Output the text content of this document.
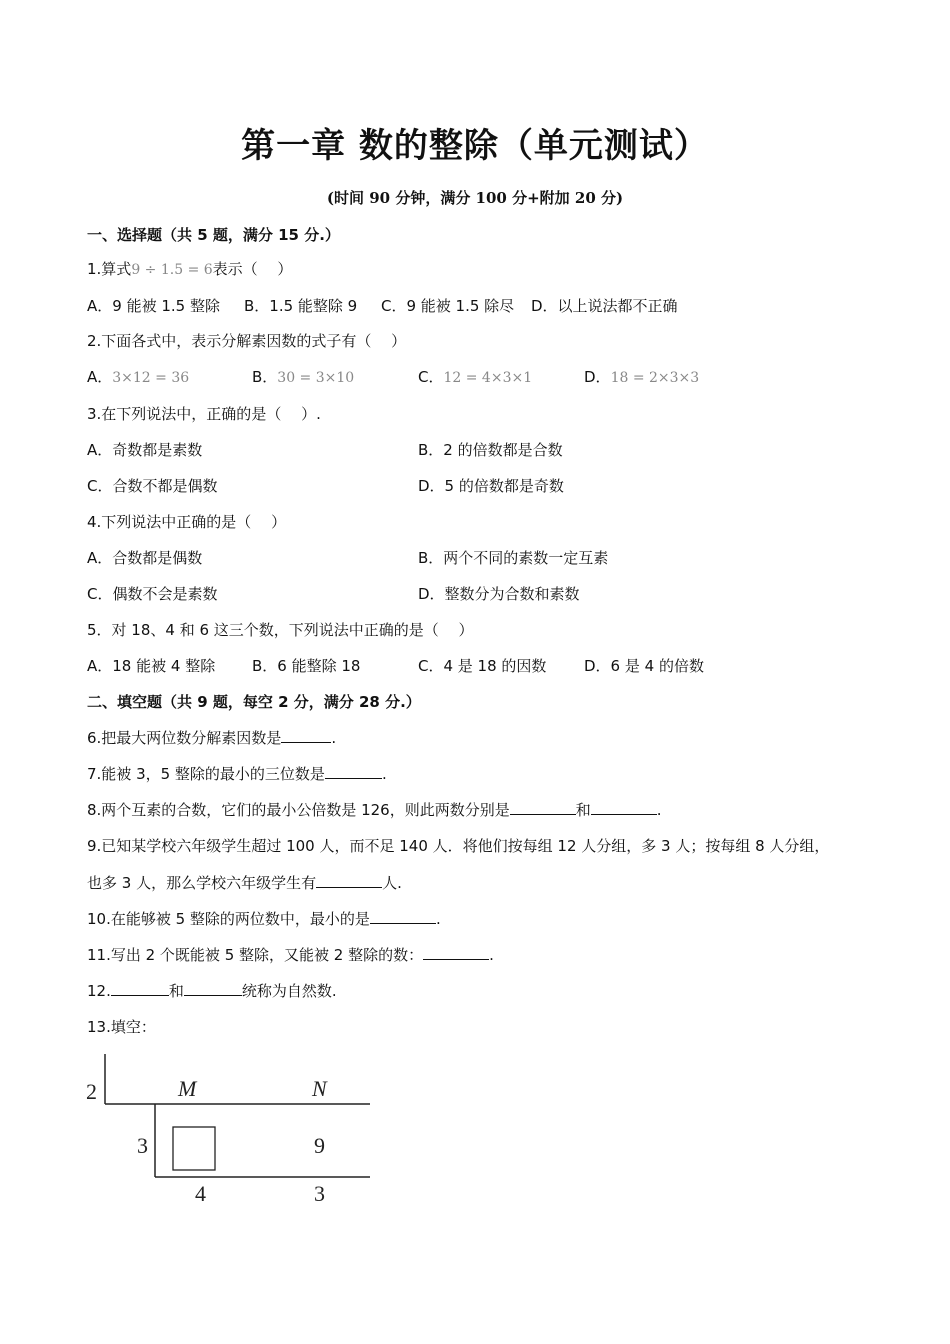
第一章 数的整除（单元测试）
(时间 90 分钟，满分 100 分+附加 20 分)
一、选择题（共 5 题，满分 15 分.）
1.算式9 ÷ 1.5 = 6表示（　 ）
A．9 能被 1.5 整除 B．1.5 能整除 9 C．9 能被 1.5 除尽 D．以上说法都不正确
2.下面各式中，表示分解素因数的式子有（　 ）
A．3×12 = 36	B．30 = 3×10	C．12 = 4×3×1	D．18 = 2×3×3
3.在下列说法中，正确的是（　 ）.
A．奇数都是素数	B．2 的倍数都是合数
C．合数不都是偶数	D．5 的倍数都是奇数
4.下列说法中正确的是（　 ）
A．合数都是偶数	B．两个不同的素数一定互素
C．偶数不会是素数	D．整数分为合数和素数
5．对 18、4 和 6 这三个数，下列说法中正确的是（　 ）
A．18 能被 4 整除 B．6 能整除 18	C．4 是 18 的因数	D．6 是 4 的倍数
二、填空题（共 9 题，每空 2 分，满分 28 分.）
6.把最大两位数分解素因数是	.
7.能被 3，5 整除的最小的三位数是	.
8.两个互素的合数，它们的最小公倍数是 126，则此两数分别是	和	.
9.已知某学校六年级学生超过 100 人，而不足 140 人．将他们按每组 12 人分组，多 3 人；按每组 8 人分组，
也多 3 人，那么学校六年级学生有	人.
10.在能够被 5 整除的两位数中，最小的是	.
11.写出 2 个既能被 5 整除，又能被 2 整除的数：	.
12.	和	统称为自然数.
13.填空：
2	M	N
3	9
4	3
